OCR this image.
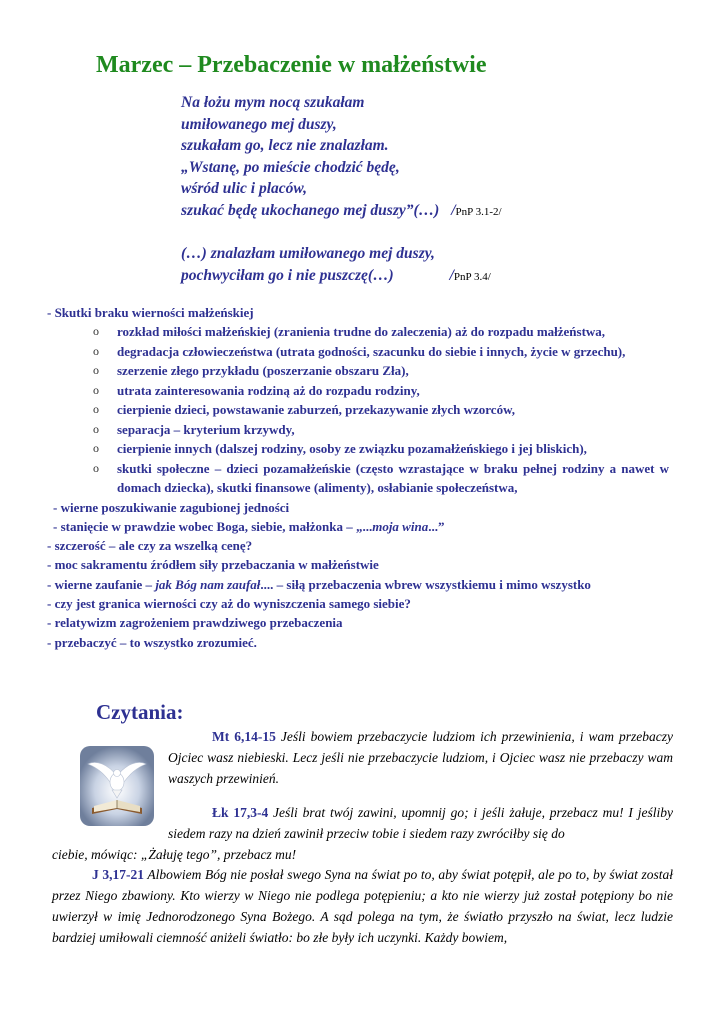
Marzec – Przebaczenie w małżeństwie
Na łożu mym nocą szukałam
umiłowanego mej duszy,
szukałam go, lecz nie znalazłam.
„Wstanę, po mieście chodzić będę,
wśród ulic i placów,
szukać będę ukochanego mej duszy”(…) /PnP 3.1-2/
(…) znalazłam umiłowanego mej duszy,
pochwyciłam go i nie puszczę(…)	/PnP 3.4/
- Skutki braku wierności małżeńskiej
o rozkład miłości małżeńskiej (zranienia trudne do zaleczenia) aż do rozpadu małżeństwa,
o degradacja człowieczeństwa (utrata godności, szacunku do siebie i innych, życie w grzechu),
o szerzenie złego przykładu (poszerzanie obszaru Zła),
o utrata zainteresowania rodziną aż do rozpadu rodziny,
o cierpienie dzieci, powstawanie zaburzeń, przekazywanie złych wzorców,
o separacja – kryterium krzywdy,
o cierpienie innych (dalszej rodziny, osoby ze związku pozamałżeńskiego i jej bliskich),
o skutki społeczne – dzieci pozamałżeńskie (często wzrastające w braku pełnej rodziny a nawet w domach dziecka), skutki finansowe (alimenty), osłabianie społeczeństwa,
- wierne poszukiwanie zagubionej jedności
- stanięcie w prawdzie wobec Boga, siebie, małżonka – „...moja wina...”
- szczerość – ale czy za wszelką cenę?
- moc sakramentu źródłem siły przebaczania w małżeństwie
- wierne zaufanie – jak Bóg nam zaufał.... – siłą przebaczenia wbrew wszystkiemu i mimo wszystko
- czy jest granica wierności czy aż do wyniszczenia samego siebie?
- relatywizm zagrożeniem prawdziwego przebaczenia
- przebaczyć – to wszystko zrozumieć.
Czytania:
Mt 6,14-15 Jeśli bowiem przebaczycie ludziom ich przewinienia, i wam przebaczy Ojciec wasz niebieski. Lecz jeśli nie przebaczycie ludziom, i Ojciec wasz nie przebaczy wam waszych przewinień.
Łk 17,3-4 Jeśli brat twój zawini, upomnij go; i jeśli żałuje, przebacz mu! I jeśliby siedem razy na dzień zawinił przeciw tobie i siedem razy zwróciłby się do
ciebie, mówiąc: „Żałuję tego”, przebacz mu!
J 3,17-21 Albowiem Bóg nie posłał swego Syna na świat po to, aby świat potępił, ale po to, by świat został przez Niego zbawiony. Kto wierzy w Niego nie podlega potępieniu; a kto nie wierzy już został potępiony bo nie uwierzył w imię Jednorodzonego Syna Bożego. A sąd polega na tym, że światło przyszło na świat, lecz ludzie bardziej umiłowali ciemność aniżeli światło: bo złe były ich uczynki. Każdy bowiem,
